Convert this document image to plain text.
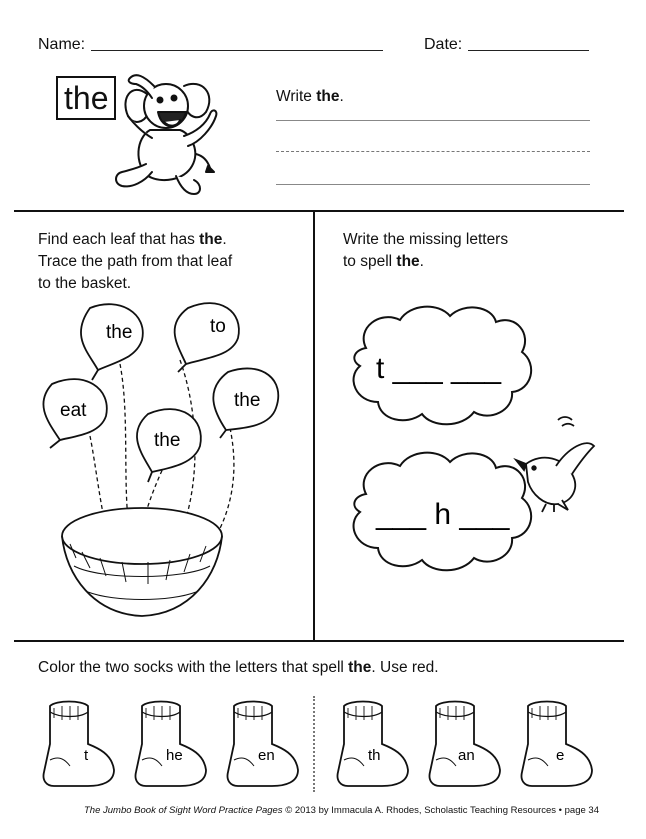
Name:	Date:
the	Write the.
Find each leaf that has the.
Trace the path from that leaf
to the basket.
the	to
eat	the
the
Write the missing letters
to spell the.
t ___ ___
___ h ___
Color the two socks with the letters that spell the. Use red.
t	he	en	th	an	e
The Jumbo Book of Sight Word Practice Pages © 2013 by Immacula A. Rhodes, Scholastic Teaching Resources • page 34
